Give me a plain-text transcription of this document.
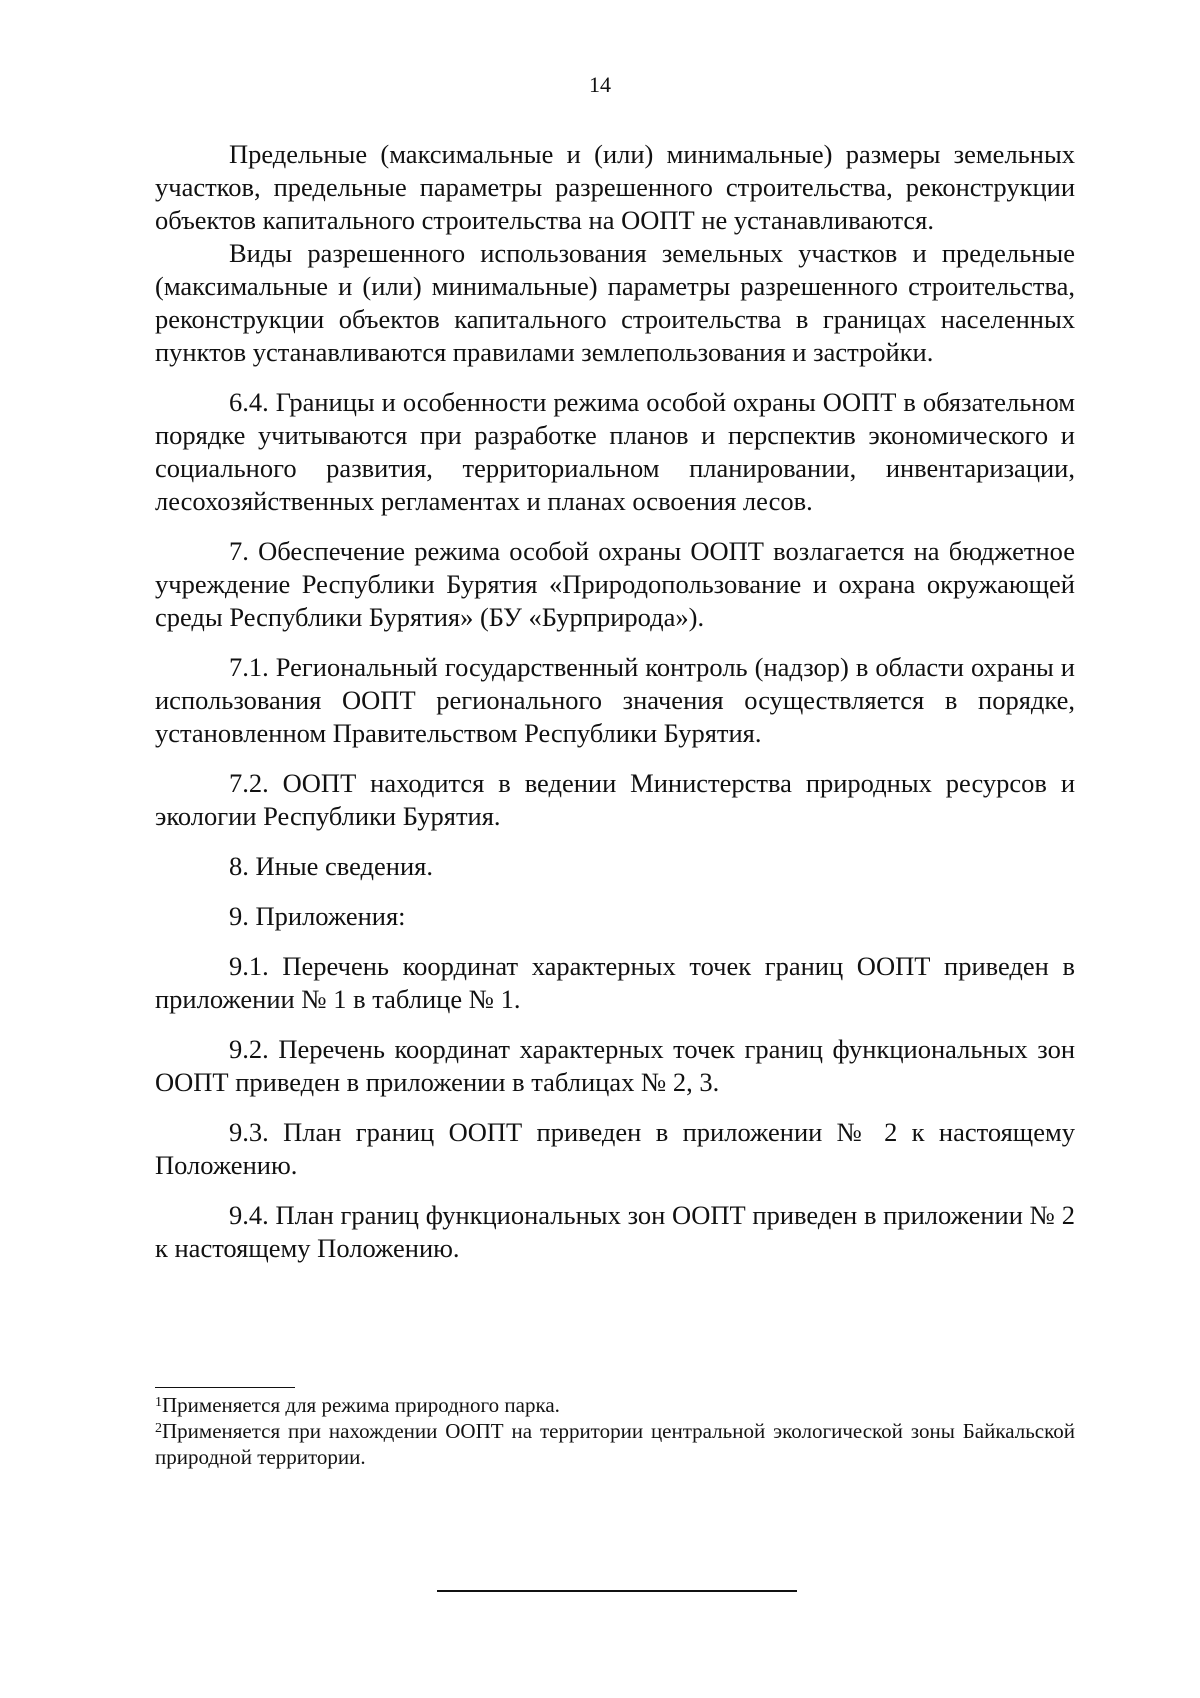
14

Предельные (максимальные и (или) минимальные) размеры земельных участков, предельные параметры разрешенного строительства, реконструкции объектов капитального строительства на ООПТ не устанавливаются.

Виды разрешенного использования земельных участков и предельные (максимальные и (или) минимальные) параметры разрешенного строительства, реконструкции объектов капитального строительства в границах населенных пунктов устанавливаются правилами землепользования и застройки.

6.4. Границы и особенности режима особой охраны ООПТ в обязательном порядке учитываются при разработке планов и перспектив экономического и социального развития, территориальном планировании, инвентаризации, лесохозяйственных регламентах и планах освоения лесов.

7. Обеспечение режима особой охраны ООПТ возлагается на бюджетное учреждение Республики Бурятия «Природопользование и охрана окружающей среды Республики Бурятия» (БУ «Бурприрода»).

7.1. Региональный государственный контроль (надзор) в области охраны и использования ООПТ регионального значения осуществляется в порядке, установленном Правительством Республики Бурятия.

7.2. ООПТ находится в ведении Министерства природных ресурсов и экологии Республики Бурятия.

8. Иные сведения.

9. Приложения:

9.1. Перечень координат характерных точек границ ООПТ приведен в приложении № 1 в таблице № 1.

9.2. Перечень координат характерных точек границ функциональных зон ООПТ приведен в приложении в таблицах № 2, 3.

9.3. План границ ООПТ приведен в приложении № 2 к настоящему Положению.

9.4. План границ функциональных зон ООПТ приведен в приложении № 2 к настоящему Положению.

$^1$Применяется для режима природного парка.

$^2$Применяется при нахождении ООПТ на территории центральной экологической зоны Байкальской природной территории.
